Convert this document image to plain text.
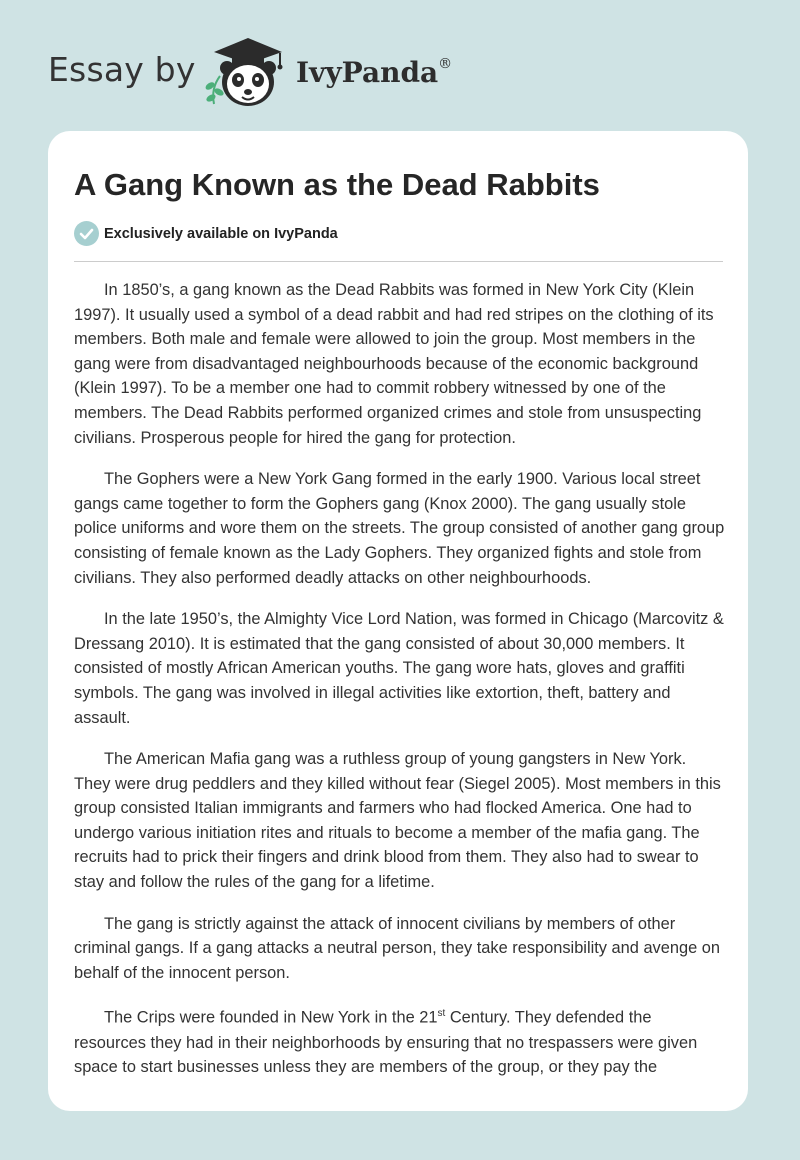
Essay by	IvyPanda®
A Gang Known as the Dead Rabbits
Exclusively available on IvyPanda

In 1850’s, a gang known as the Dead Rabbits was formed in New York City (Klein 1997). It usually used a symbol of a dead rabbit and had red stripes on the clothing of its members. Both male and female were allowed to join the group. Most members in the gang were from disadvantaged neighbourhoods because of the economic background (Klein 1997). To be a member one had to commit robbery witnessed by one of the members. The Dead Rabbits performed organized crimes and stole from unsuspecting civilians. Prosperous people for hired the gang for protection.

The Gophers were a New York Gang formed in the early 1900. Various local street gangs came together to form the Gophers gang (Knox 2000). The gang usually stole police uniforms and wore them on the streets. The group consisted of another gang group consisting of female known as the Lady Gophers. They organized fights and stole from civilians. They also performed deadly attacks on other neighbourhoods.

In the late 1950’s, the Almighty Vice Lord Nation, was formed in Chicago (Marcovitz & Dressang 2010). It is estimated that the gang consisted of about 30,000 members. It consisted of mostly African American youths. The gang wore hats, gloves and graffiti symbols. The gang was involved in illegal activities like extortion, theft, battery and assault.

The American Mafia gang was a ruthless group of young gangsters in New York. They were drug peddlers and they killed without fear (Siegel 2005). Most members in this group consisted Italian immigrants and farmers who had flocked America. One had to undergo various initiation rites and rituals to become a member of the mafia gang. The recruits had to prick their fingers and drink blood from them. They also had to swear to stay and follow the rules of the gang for a lifetime.

The gang is strictly against the attack of innocent civilians by members of other criminal gangs. If a gang attacks a neutral person, they take responsibility and avenge on behalf of the innocent person.

The Crips were founded in New York in the 21st Century. They defended the resources they had in their neighborhoods by ensuring that no trespassers were given space to start businesses unless they are members of the group, or they pay the
